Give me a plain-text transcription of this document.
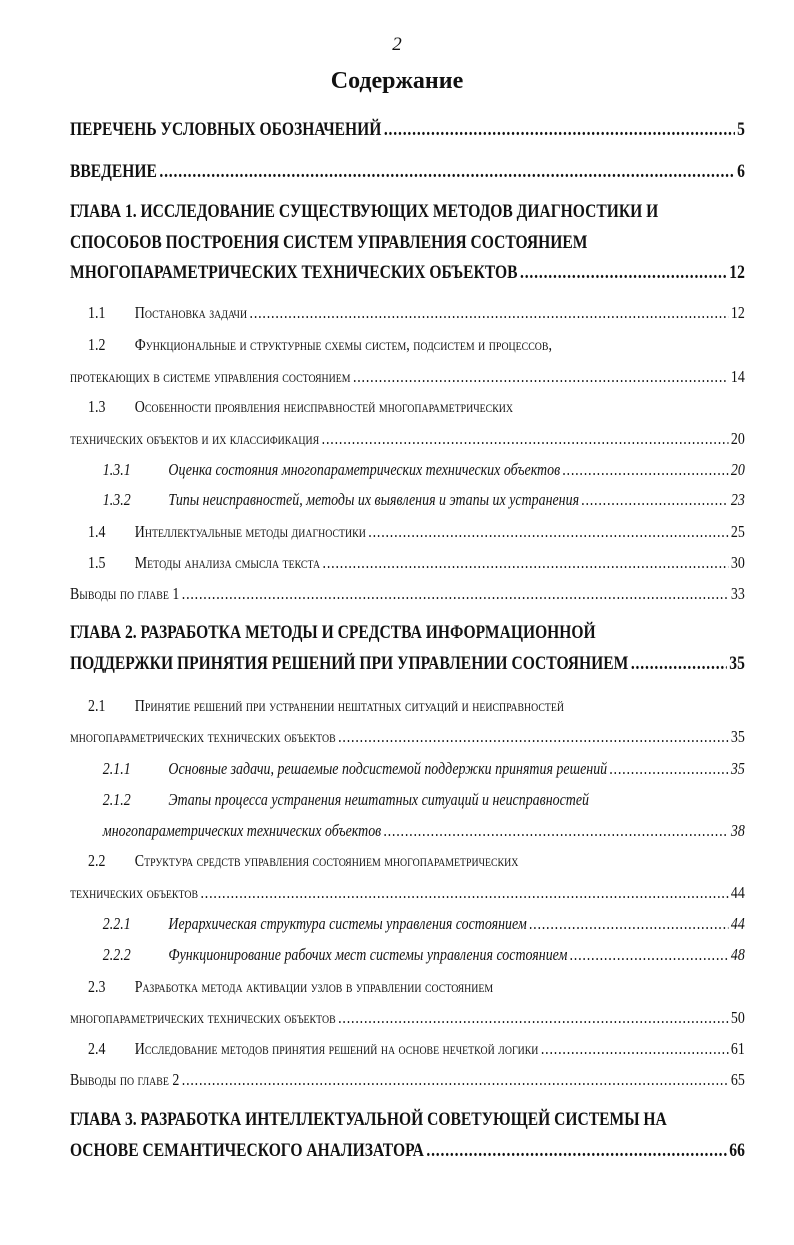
2
Содержание
ПЕРЕЧЕНЬ УСЛОВНЫХ ОБОЗНАЧЕНИЙ .....	5
ВВЕДЕНИЕ .....	6
ГЛАВА 1. ИССЛЕДОВАНИЕ СУЩЕСТВУЮЩИХ МЕТОДОВ ДИАГНОСТИКИ И
СПОСОБОВ ПОСТРОЕНИЯ СИСТЕМ УПРАВЛЕНИЯ СОСТОЯНИЕМ
МНОГОПАРАМЕТРИЧЕСКИХ ТЕХНИЧЕСКИХ ОБЪЕКТОВ .....	12
1.1 Постановка задачи .....	12
1.2 Функциональные и структурные схемы систем, подсистем и процессов,
протекающих в системе управления состоянием .....	14
1.3 Особенности проявления неисправностей многопараметрических
технических объектов и их классификация .....	20
1.3.1 Оценка состояния многопараметрических технических объектов .....	20
1.3.2 Типы неисправностей, методы их выявления и этапы их устранения .....	23
1.4 Интеллектуальные методы диагностики .....	25
1.5 Методы анализа смысла текста .....	30
Выводы по главе 1 .....	33
ГЛАВА 2. РАЗРАБОТКА МЕТОДЫ И СРЕДСТВА ИНФОРМАЦИОННОЙ
ПОДДЕРЖКИ ПРИНЯТИЯ РЕШЕНИЙ ПРИ УПРАВЛЕНИИ СОСТОЯНИЕМ .....	35
2.1 Принятие решений при устранении нештатных ситуаций и неисправностей
многопараметрических технических объектов .....	35
2.1.1 Основные задачи, решаемые подсистемой поддержки принятия решений .....	35
2.1.2 Этапы процесса устранения нештатных ситуаций и неисправностей
многопараметрических технических объектов .....	38
2.2 Структура средств управления состоянием многопараметрических
технических объектов .....	44
2.2.1 Иерархическая структура системы управления состоянием .....	44
2.2.2 Функционирование рабочих мест системы управления состоянием .....	48
2.3 Разработка метода активации узлов в управлении состоянием
многопараметрических технических объектов .....	50
2.4 Исследование методов принятия решений на основе нечеткой логики .....	61
Выводы по главе 2 .....	65
ГЛАВА 3. РАЗРАБОТКА ИНТЕЛЛЕКТУАЛЬНОЙ СОВЕТУЮЩЕЙ СИСТЕМЫ НА
ОСНОВЕ СЕМАНТИЧЕСКОГО АНАЛИЗАТОРА .....	66
